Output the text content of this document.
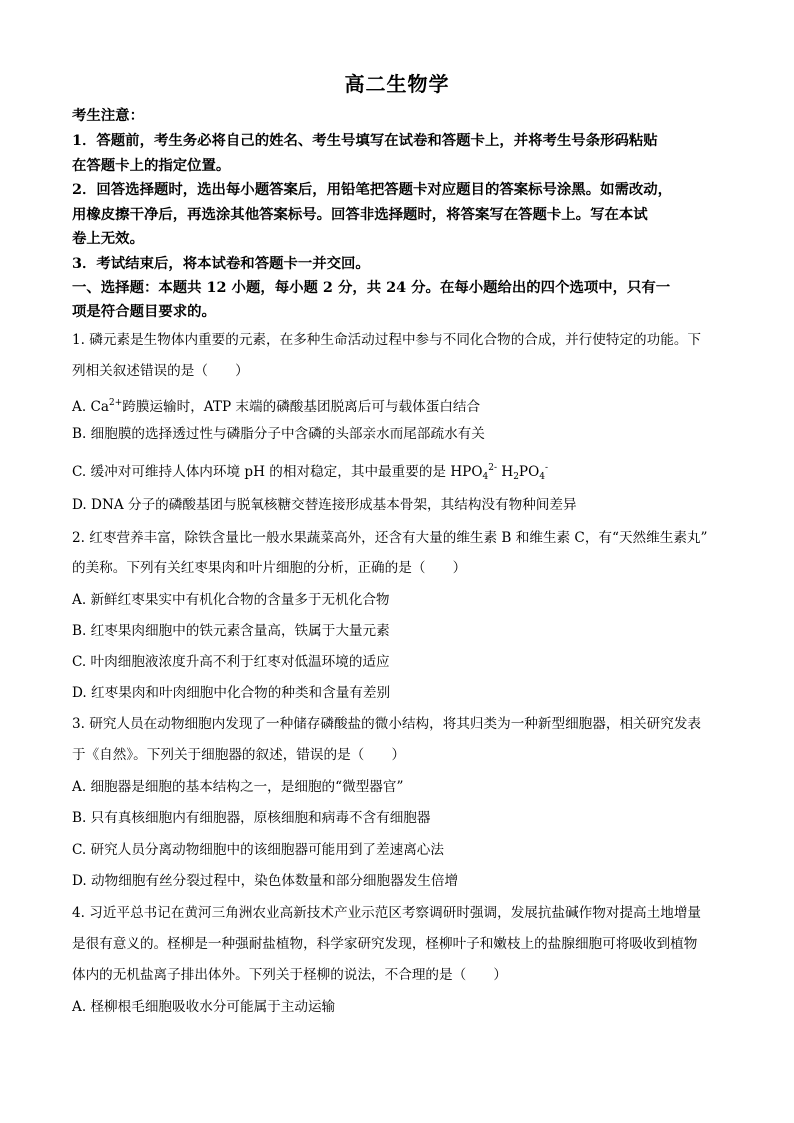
高二生物学
考生注意：
1．答题前，考生务必将自己的姓名、考生号填写在试卷和答题卡上，并将考生号条形码粘贴
在答题卡上的指定位置。
2．回答选择题时，选出每小题答案后，用铅笔把答题卡对应题目的答案标号涂黑。如需改动，
用橡皮擦干净后，再选涂其他答案标号。回答非选择题时，将答案写在答题卡上。写在本试
卷上无效。
3．考试结束后，将本试卷和答题卡一并交回。
一、选择题：本题共 12 小题，每小题 2 分，共 24 分。在每小题给出的四个选项中，只有一
项是符合题目要求的。
1. 磷元素是生物体内重要的元素，在多种生命活动过程中参与不同化合物的合成，并行使特定的功能。下
列相关叙述错误的是（　　）
A. $Ca^{2+}$跨膜运输时，ATP 末端的磷酸基团脱离后可与载体蛋白结合
B. 细胞膜的选择透过性与磷脂分子中含磷的头部亲水而尾部疏水有关
C. 缓冲对可维持人体内环境 pH 的相对稳定，其中最重要的是 $HPO_4^{2-}$ $H_2PO_4^-$
D. DNA 分子的磷酸基团与脱氧核糖交替连接形成基本骨架，其结构没有物种间差异
2. 红枣营养丰富，除铁含量比一般水果蔬菜高外，还含有大量的维生素 B 和维生素 C，有“天然维生素丸”
的美称。下列有关红枣果肉和叶片细胞的分析，正确的是（　　）
A. 新鲜红枣果实中有机化合物的含量多于无机化合物
B. 红枣果肉细胞中的铁元素含量高，铁属于大量元素
C. 叶肉细胞液浓度升高不利于红枣对低温环境的适应
D. 红枣果肉和叶肉细胞中化合物的种类和含量有差别
3. 研究人员在动物细胞内发现了一种储存磷酸盐的微小结构，将其归类为一种新型细胞器，相关研究发表
于《自然》。下列关于细胞器的叙述，错误的是（　　）
A. 细胞器是细胞的基本结构之一，是细胞的“微型器官”
B. 只有真核细胞内有细胞器，原核细胞和病毒不含有细胞器
C. 研究人员分离动物细胞中的该细胞器可能用到了差速离心法
D. 动物细胞有丝分裂过程中，染色体数量和部分细胞器发生倍增
4. 习近平总书记在黄河三角洲农业高新技术产业示范区考察调研时强调，发展抗盐碱作物对提高土地增量
是很有意义的。柽柳是一种强耐盐植物，科学家研究发现，柽柳叶子和嫩枝上的盐腺细胞可将吸收到植物
体内的无机盐离子排出体外。下列关于柽柳的说法，不合理的是（　　）
A. 柽柳根毛细胞吸收水分可能属于主动运输
